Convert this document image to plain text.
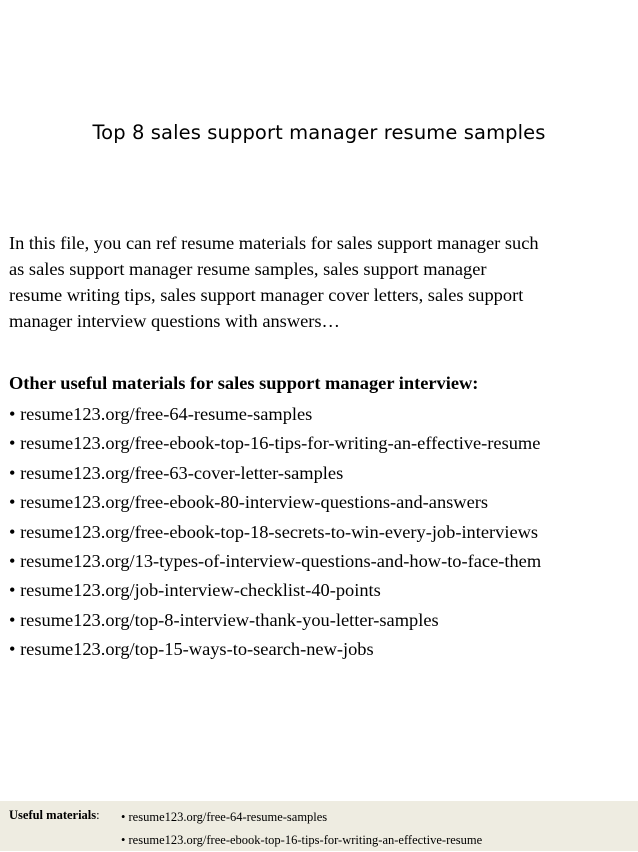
Top 8 sales support manager resume samples
In this file, you can ref resume materials for sales support manager such
as sales support manager resume samples, sales support manager
resume writing tips, sales support manager cover letters, sales support
manager interview questions with answers…
Other useful materials for sales support manager interview:
• resume123.org/free-64-resume-samples
• resume123.org/free-ebook-top-16-tips-for-writing-an-effective-resume
• resume123.org/free-63-cover-letter-samples
• resume123.org/free-ebook-80-interview-questions-and-answers
• resume123.org/free-ebook-top-18-secrets-to-win-every-job-interviews
• resume123.org/13-types-of-interview-questions-and-how-to-face-them
• resume123.org/job-interview-checklist-40-points
• resume123.org/top-8-interview-thank-you-letter-samples
• resume123.org/top-15-ways-to-search-new-jobs
Useful materials: • resume123.org/free-64-resume-samples
• resume123.org/free-ebook-top-16-tips-for-writing-an-effective-resume
